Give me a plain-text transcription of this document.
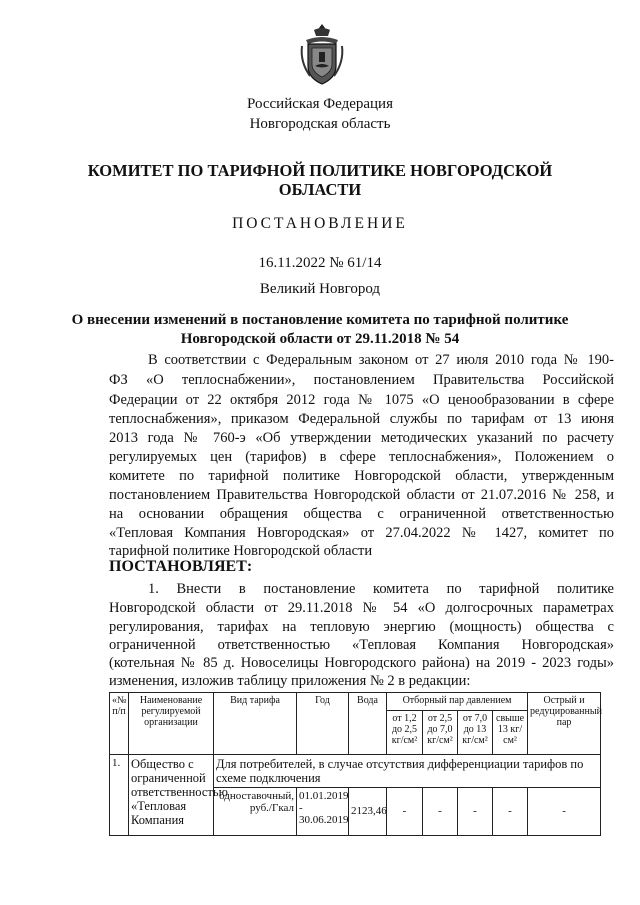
Российская Федерация
Новгородская область
КОМИТЕТ ПО ТАРИФНОЙ ПОЛИТИКЕ НОВГОРОДСКОЙ
ОБЛАСТИ
ПОСТАНОВЛЕНИЕ
16.11.2022 № 61/14
Великий Новгород
О внесении изменений в постановление комитета по тарифной политике
Новгородской области от 29.11.2018 № 54
В соответствии с Федеральным законом от 27 июля 2010 года № 190-
ФЗ «О теплоснабжении», постановлением Правительства Российской
Федерации от 22 октября 2012 года № 1075 «О ценообразовании в сфере
теплоснабжения», приказом Федеральной службы по тарифам от 13 июня
2013 года № 760-э «Об утверждении методических указаний по расчету
регулируемых цен (тарифов) в сфере теплоснабжения», Положением о
комитете по тарифной политике Новгородской области, утвержденным
постановлением Правительства Новгородской области от 21.07.2016 № 258, и
на основании обращения общества с ограниченной ответственностью
«Тепловая Компания Новгородская» от 27.04.2022 № 1427, комитет по
тарифной политике Новгородской области
ПОСТАНОВЛЯЕТ:
1. Внести в постановление комитета по тарифной политике
Новгородской области от 29.11.2018 № 54 «О долгосрочных параметрах
регулирования, тарифах на тепловую энергию (мощность) общества с
ограниченной ответственностью «Тепловая Компания Новгородская»
(котельная № 85 д. Новоселицы Новгородского района) на 2019 - 2023 годы»
изменения, изложив таблицу приложения № 2 в редакции:
«№ п/п	Наименование регулируемой организации	Вид тарифа	Год	Вода	Отборный пар давлением				Острый и редуцированный пар
					от 1,2 до 2,5 кг/см²	от 2,5 до 7,0 кг/см²	от 7,0 до 13 кг/см²	свыше 13 кг/см²	
1.	Общество с ограниченной ответственностью «Тепловая Компания	Для потребителей, в случае отсутствия дифференциации тарифов по схеме подключения							
		одноставочный, руб./Гкал	01.01.2019 - 30.06.2019	2123,46	-	-	-	-	-
